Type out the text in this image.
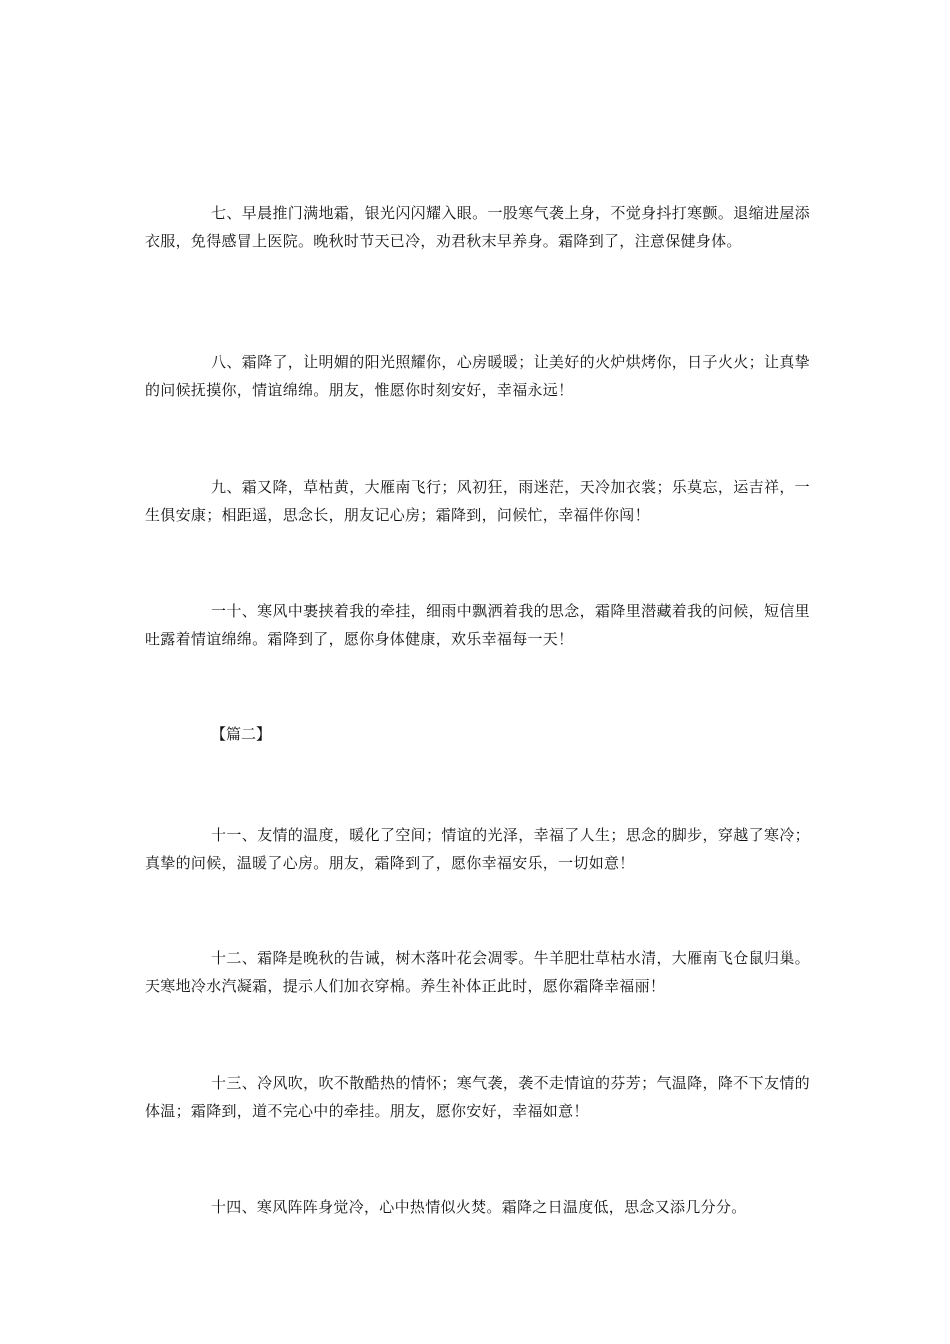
七、早晨推门满地霜，银光闪闪耀入眼。一股寒气袭上身，不觉身抖打寒颤。退缩进屋添衣服，免得感冒上医院。晚秋时节天已冷，劝君秋末早养身。霜降到了，注意保健身体。

八、霜降了，让明媚的阳光照耀你，心房暖暖；让美好的火炉烘烤你，日子火火；让真挚的问候抚摸你，情谊绵绵。朋友，惟愿你时刻安好，幸福永远！

九、霜又降，草枯黄，大雁南飞行；风初狂，雨迷茫，天冷加衣裳；乐莫忘，运吉祥，一生俱安康；相距遥，思念长，朋友记心房；霜降到，问候忙，幸福伴你闯！

一十、寒风中裹挟着我的牵挂，细雨中飘洒着我的思念，霜降里潜藏着我的问候，短信里吐露着情谊绵绵。霜降到了，愿你身体健康，欢乐幸福每一天！

【篇二】

十一、友情的温度，暖化了空间；情谊的光泽，幸福了人生；思念的脚步，穿越了寒冷；真挚的问候，温暖了心房。朋友，霜降到了，愿你幸福安乐，一切如意！

十二、霜降是晚秋的告诫，树木落叶花会凋零。牛羊肥壮草枯水清，大雁南飞仓鼠归巢。天寒地冷水汽凝霜，提示人们加衣穿棉。养生补体正此时，愿你霜降幸福丽！

十三、冷风吹，吹不散酷热的情怀；寒气袭，袭不走情谊的芬芳；气温降，降不下友情的体温；霜降到，道不完心中的牵挂。朋友，愿你安好，幸福如意！

十四、寒风阵阵身觉冷，心中热情似火焚。霜降之日温度低，思念又添几分分。
